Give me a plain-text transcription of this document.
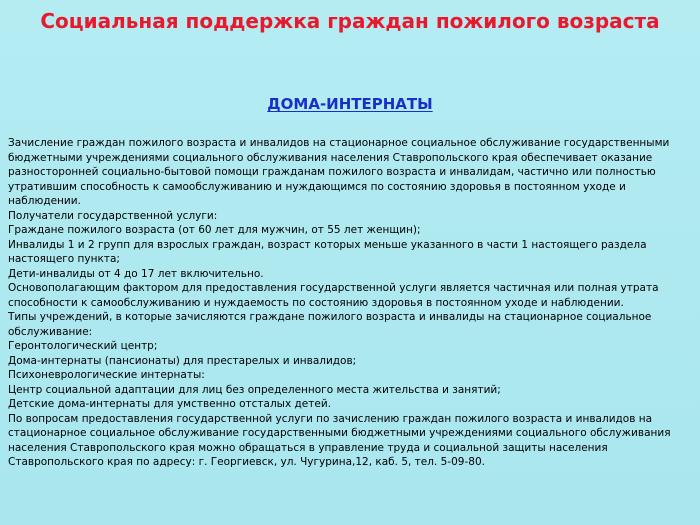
Социальная поддержка граждан пожилого возраста
ДОМА-ИНТЕРНАТЫ

Зачисление граждан пожилого возраста и инвалидов на стационарное социальное обслуживание государственными бюджетными учреждениями социального обслуживания населения Ставропольского края обеспечивает оказание разносторонней социально-бытовой помощи гражданам пожилого возраста и инвалидам, частично или полностью утратившим способность к самообслуживанию и нуждающимся по состоянию здоровья в постоянном уходе и наблюдении.

Получатели государственной услуги:

Граждане пожилого возраста (от 60 лет для мужчин, от 55 лет женщин);

Инвалиды 1 и 2 групп для взрослых граждан, возраст которых меньше указанного в части 1 настоящего раздела настоящего пункта;

Дети-инвалиды от 4 до 17 лет включительно.

Основополагающим фактором для предоставления государственной услуги является частичная или полная утрата способности к самообслуживанию и нуждаемость по состоянию здоровья в постоянном уходе и наблюдении.

Типы учреждений, в которые зачисляются граждане пожилого возраста и инвалиды на стационарное социальное обслуживание:

Геронтологический центр;

Дома-интернаты (пансионаты) для престарелых и инвалидов;

Психоневрологические интернаты:

Центр социальной адаптации для лиц без определенного места жительства и занятий;

Детские дома-интернаты для умственно отсталых детей.

По вопросам предоставления государственной услуги по зачислению граждан пожилого возраста и инвалидов на стационарное социальное обслуживание государственными бюджетными учреждениями социального обслуживания населения Ставропольского края можно обращаться в управление труда и социальной защиты населения Ставропольского края по адресу: г. Георгиевск, ул. Чугурина,12, каб. 5, тел. 5-09-80.
